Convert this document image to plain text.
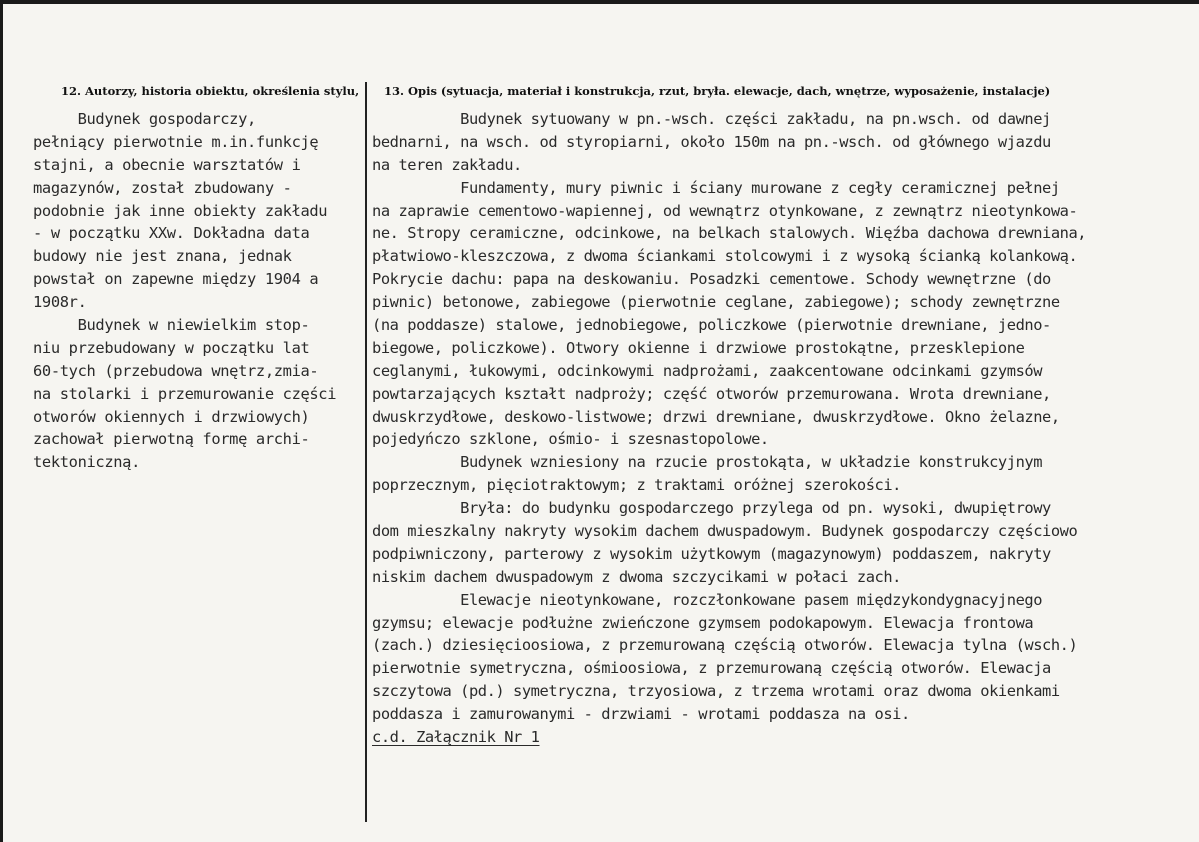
12. Autorzy, historia obiektu, określenia stylu, 13. Opis (sytuacja, materiał i konstrukcja, rzut, bryła. elewacje, dach, wnętrze, wyposażenie, instalacje)
Budynek gospodarczy,
pełniący pierwotnie m.in.funkcję
stajni, a obecnie warsztatów i
magazynów, został zbudowany -
podobnie jak inne obiekty zakładu
- w początku XXw. Dokładna data
budowy nie jest znana, jednak
powstał on zapewne między 1904 a
1908r.
Budynek w niewielkim stop-
niu przebudowany w początku lat
60-tych (przebudowa wnętrz,zmia-
na stolarki i przemurowanie części
otworów okiennych i drzwiowych)
zachował pierwotną formę archi-
tektoniczną.
Budynek sytuowany w pn.-wsch. części zakładu, na pn.wsch. od dawnej
bednarni, na wsch. od styropiarni, około 150m na pn.-wsch. od głównego wjazdu
na teren zakładu.
Fundamenty, mury piwnic i ściany murowane z cegły ceramicznej pełnej
na zaprawie cementowo-wapiennej, od wewnątrz otynkowane, z zewnątrz nieotynkowa-
ne. Stropy ceramiczne, odcinkowe, na belkach stalowych. Więźba dachowa drewniana,
płatwiowo-kleszczowa, z dwoma ściankami stolcowymi i z wysoką ścianką kolankową.
Pokrycie dachu: papa na deskowaniu. Posadzki cementowe. Schody wewnętrzne (do
piwnic) betonowe, zabiegowe (pierwotnie ceglane, zabiegowe); schody zewnętrzne
(na poddasze) stalowe, jednobiegowe, policzkowe (pierwotnie drewniane, jedno-
biegowe, policzkowe). Otwory okienne i drzwiowe prostokątne, przesklepione
ceglanymi, łukowymi, odcinkowymi nadprożami, zaakcentowane odcinkami gzymsów
powtarzających kształt nadproży; część otworów przemurowana. Wrota drewniane,
dwuskrzydłowe, deskowo-listwowe; drzwi drewniane, dwuskrzydłowe. Okno żelazne,
pojedyńczo szklone, ośmio- i szesnastopolowe.
Budynek wzniesiony na rzucie prostokąta, w układzie konstrukcyjnym
poprzecznym, pięciotraktowym; z traktami oróżnej szerokości.
Bryła: do budynku gospodarczego przylega od pn. wysoki, dwupiętrowy
dom mieszkalny nakryty wysokim dachem dwuspadowym. Budynek gospodarczy częściowo
podpiwniczony, parterowy z wysokim użytkowym (magazynowym) poddaszem, nakryty
niskim dachem dwuspadowym z dwoma szczycikami w połaci zach.
Elewacje nieotynkowane, rozczłonkowane pasem międzykondygnacyjnego
gzymsu; elewacje podłużne zwieńczone gzymsem podokapowym. Elewacja frontowa
(zach.) dziesięcioosiowa, z przemurowaną częścią otworów. Elewacja tylna (wsch.)
pierwotnie symetryczna, ośmioosiowa, z przemurowaną częścią otworów. Elewacja
szczytowa (pd.) symetryczna, trzyosiowa, z trzema wrotami oraz dwoma okienkami
poddasza i zamurowanymi - drzwiami - wrotami poddasza na osi.
c.d. Załącznik Nr 1
